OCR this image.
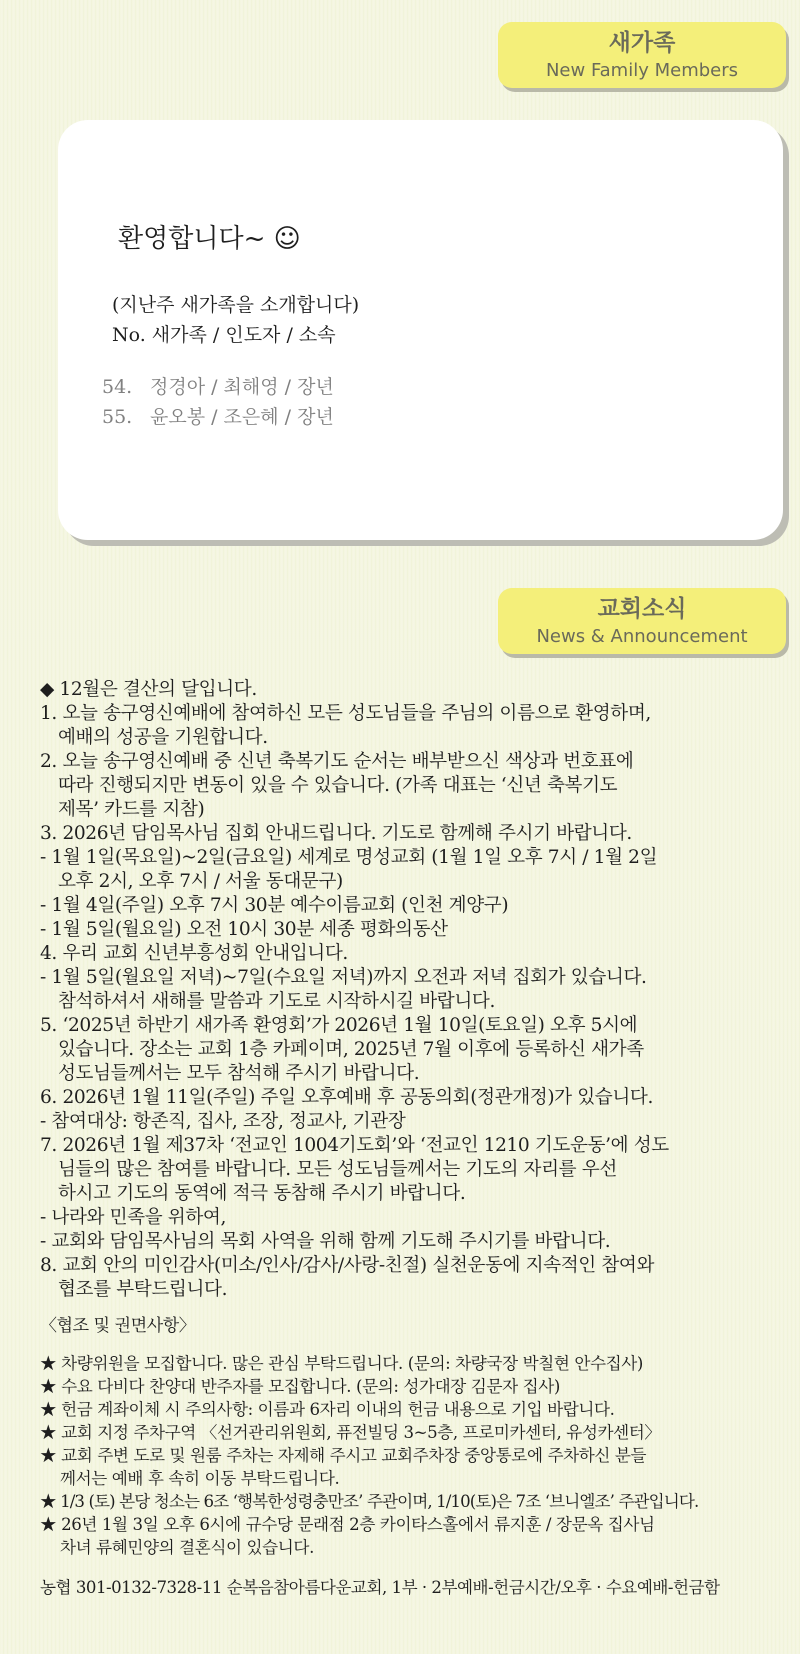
새가족
New Family Members
환영합니다~ ☺
(지난주 새가족을 소개합니다)
No. 새가족 / 인도자 / 소속
54. 정경아 / 최해영 / 장년
55. 윤오봉 / 조은혜 / 장년
교회소식
News & Announcement
◆ 12월은 결산의 달입니다.
1. 오늘 송구영신예배에 참여하신 모든 성도님들을 주님의 이름으로 환영하며,
예배의 성공을 기원합니다.
2. 오늘 송구영신예배 중 신년 축복기도 순서는 배부받으신 색상과 번호표에
따라 진행되지만 변동이 있을 수 있습니다. (가족 대표는 ‘신년 축복기도
제목’ 카드를 지참)
3. 2026년 담임목사님 집회 안내드립니다. 기도로 함께해 주시기 바랍니다.
- 1월 1일(목요일)~2일(금요일) 세계로 명성교회 (1월 1일 오후 7시 / 1월 2일
오후 2시, 오후 7시 / 서울 동대문구)
- 1월 4일(주일) 오후 7시 30분 예수이름교회 (인천 계양구)
- 1월 5일(월요일) 오전 10시 30분 세종 평화의동산
4. 우리 교회 신년부흥성회 안내입니다.
- 1월 5일(월요일 저녁)~7일(수요일 저녁)까지 오전과 저녁 집회가 있습니다.
참석하셔서 새해를 말씀과 기도로 시작하시길 바랍니다.
5. ‘2025년 하반기 새가족 환영회’가 2026년 1월 10일(토요일) 오후 5시에
있습니다. 장소는 교회 1층 카페이며, 2025년 7월 이후에 등록하신 새가족
성도님들께서는 모두 참석해 주시기 바랍니다.
6. 2026년 1월 11일(주일) 주일 오후예배 후 공동의회(정관개정)가 있습니다.
- 참여대상: 항존직, 집사, 조장, 정교사, 기관장
7. 2026년 1월 제37차 ‘전교인 1004기도회’와 ‘전교인 1210 기도운동’에 성도
님들의 많은 참여를 바랍니다. 모든 성도님들께서는 기도의 자리를 우선
하시고 기도의 동역에 적극 동참해 주시기 바랍니다.
- 나라와 민족을 위하여,
- 교회와 담임목사님의 목회 사역을 위해 함께 기도해 주시기를 바랍니다.
8. 교회 안의 미인감사(미소/인사/감사/사랑-친절) 실천운동에 지속적인 참여와
협조를 부탁드립니다.
〈협조 및 권면사항〉
★ 차량위원을 모집합니다. 많은 관심 부탁드립니다. (문의: 차량국장 박칠현 안수집사)
★ 수요 다비다 찬양대 반주자를 모집합니다. (문의: 성가대장 김문자 집사)
★ 헌금 계좌이체 시 주의사항: 이름과 6자리 이내의 헌금 내용으로 기입 바랍니다.
★ 교회 지정 주차구역 〈선거관리위원회, 퓨전빌딩 3~5층, 프로미카센터, 유성카센터〉
★ 교회 주변 도로 및 원룸 주차는 자제해 주시고 교회주차장 중앙통로에 주차하신 분들
께서는 예배 후 속히 이동 부탁드립니다.
★ 1/3 (토) 본당 청소는 6조 ‘행복한성령충만조’ 주관이며, 1/10(토)은 7조 ‘브니엘조’ 주관입니다.
★ 26년 1월 3일 오후 6시에 규수당 문래점 2층 카이타스홀에서 류지훈 / 장문옥 집사님
차녀 류혜민양의 결혼식이 있습니다.
농협 301-0132-7328-11 순복음참아름다운교회, 1부 · 2부예배-헌금시간/오후 · 수요예배-헌금함
